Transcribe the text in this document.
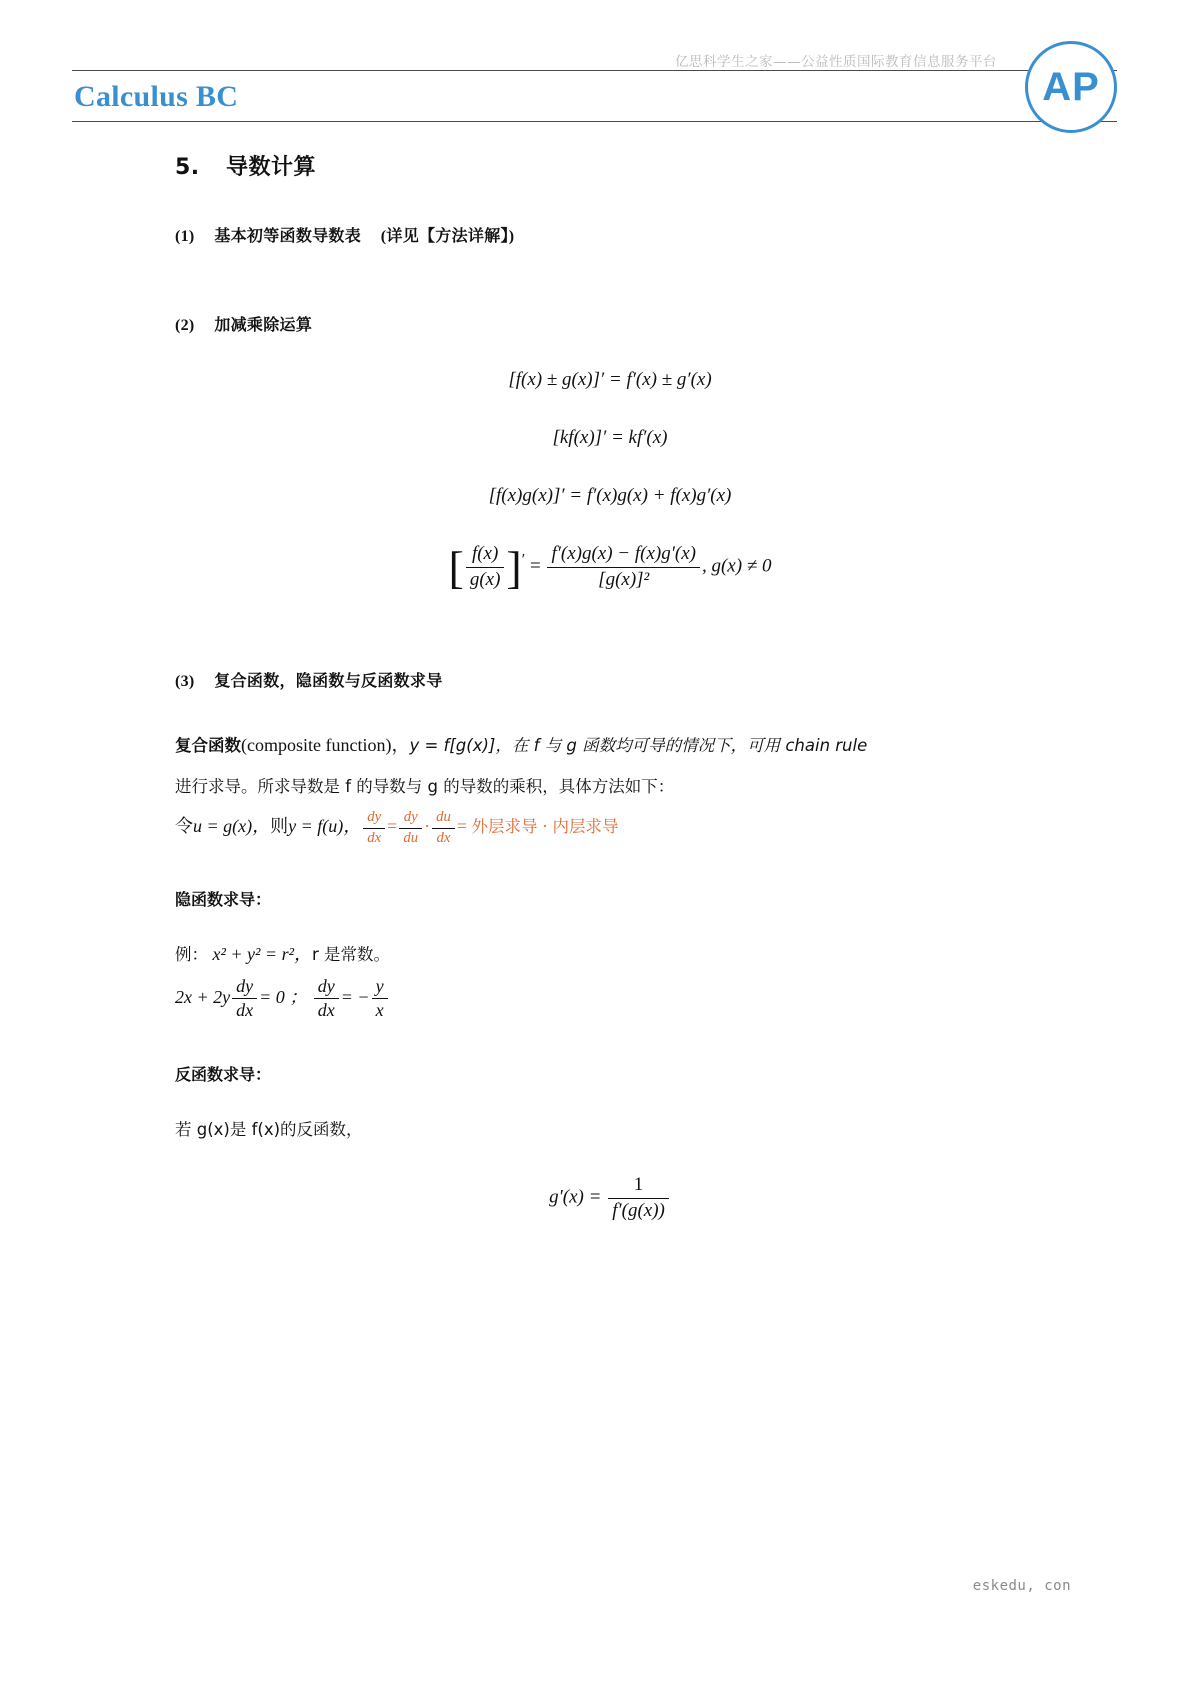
亿思科学生之家——公益性质国际教育信息服务平台
Calculus BC	AP
5. 导数计算
(1) 基本初等函数导数表 (详见【方法详解】)
(2) 加减乘除运算
[f(x) ± g(x)]′ = f′(x) ± g′(x)
[kf(x)]′ = kf′(x)
[f(x)g(x)]′ = f′(x)g(x) + f(x)g′(x)
[ $\frac{f(x)}{g(x)} ]' = \frac{f'(x)g(x) - f(x)g'(x)}{\text{[g(x)]²}}$ , g(x) ≠ 0
(3) 复合函数，隐函数与反函数求导

复合函数(composite function)，y = f[g(x)]，在 f 与 g 函数均可导的情况下，可用 chain rule

进行求导。所求导数是 f 的导数与 g 的导数的乘积，具体方法如下：

令u = g(x)，则y = f(u)， $\frac{dy}{dx} = \frac{dy}{du} \cdot \frac{du}{dx}$ = 外层求导 · 内层求导

隐函数求导：

例： x² + y² = r²，r 是常数。

$2x + 2y \frac{dy}{dx} = 0$ ； $\frac{dy}{dx}$ = − $\frac{y}{x}$

反函数求导：

若 g(x)是 f(x)的反函数，

$g'(x) = \frac{1}{f'(g(x))}$
eskedu, con
